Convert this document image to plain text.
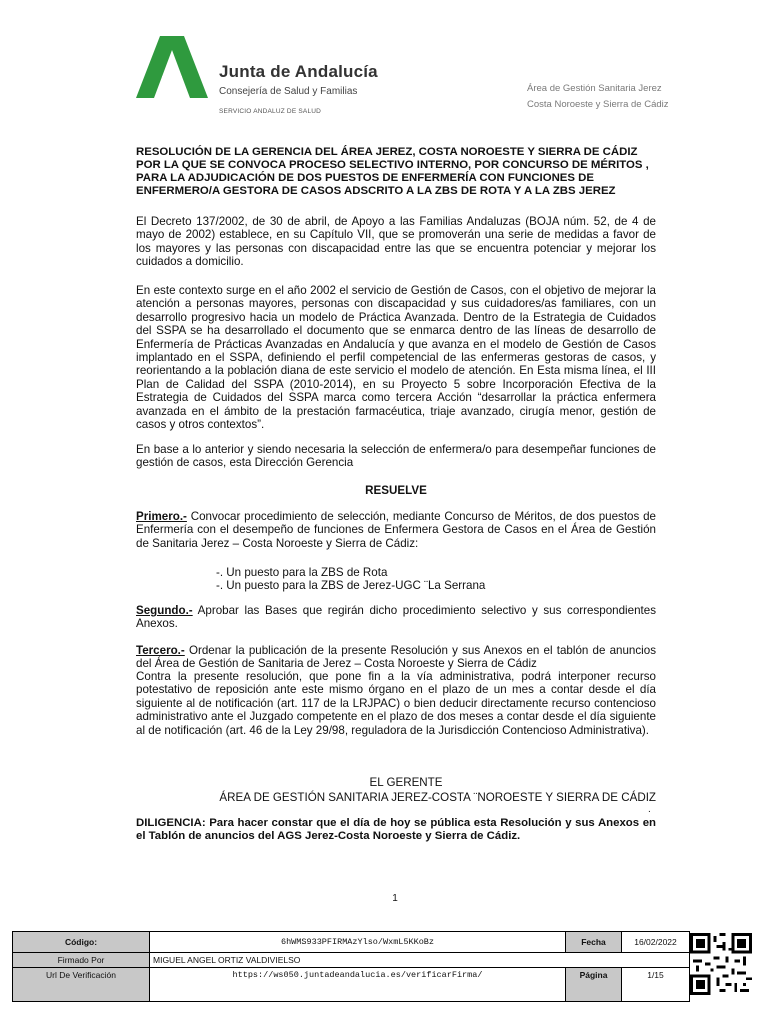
Junta de Andalucía
Consejería de Salud y Familias
SERVICIO ANDALUZ DE SALUD
Área de Gestión Sanitaria Jerez
Costa Noroeste y Sierra de Cádiz
RESOLUCIÓN DE LA GERENCIA DEL ÁREA JEREZ, COSTA NOROESTE Y SIERRA DE CÁDIZ POR LA QUE SE CONVOCA PROCESO SELECTIVO INTERNO, POR CONCURSO DE MÉRITOS , PARA LA ADJUDICACIÓN DE DOS PUESTOS DE ENFERMERÍA CON FUNCIONES DE ENFERMERO/A GESTORA DE CASOS ADSCRITO A LA ZBS DE ROTA Y A LA ZBS JEREZ
El Decreto 137/2002, de 30 de abril, de Apoyo a las Familias Andaluzas (BOJA núm. 52, de 4 de mayo de 2002) establece, en su Capítulo VII, que se promoverán una serie de medidas a favor de los mayores y las personas con discapacidad entre las que se encuentra potenciar y mejorar los cuidados a domicilio.
En este contexto surge en el año 2002 el servicio de Gestión de Casos, con el objetivo de mejorar la atención a personas mayores, personas con discapacidad y sus cuidadores/as familiares, con un desarrollo progresivo hacia un modelo de Práctica Avanzada. Dentro de la Estrategia de Cuidados del SSPA se ha desarrollado el documento que se enmarca dentro de las líneas de desarrollo de Enfermería de Prácticas Avanzadas en Andalucía y que avanza en el modelo de Gestión de Casos implantado en el SSPA, definiendo el perfil competencial de las enfermeras gestoras de casos, y reorientando a la población diana de este servicio el modelo de atención. En Esta misma línea, el III Plan de Calidad del SSPA (2010-2014), en su Proyecto 5 sobre Incorporación Efectiva de la Estrategia de Cuidados del SSPA marca como tercera Acción “desarrollar la práctica enfermera avanzada en el ámbito de la prestación farmacéutica, triaje avanzado, cirugía menor, gestión de casos y otros contextos”.
En base a lo anterior y siendo necesaria la selección de enfermera/o para desempeñar funciones de gestión de casos, esta Dirección Gerencia
RESUELVE
Primero.- Convocar procedimiento de selección, mediante Concurso de Méritos, de dos puestos de Enfermería con el desempeño de funciones de Enfermera Gestora de Casos en el Área de Gestión de Sanitaria Jerez – Costa Noroeste y Sierra de Cádiz:
-. Un puesto para la ZBS de Rota
-. Un puesto para la ZBS de Jerez-UGC ¨La Serrana
Segundo.- Aprobar las Bases que regirán dicho procedimiento selectivo y sus correspondientes Anexos.
Tercero.- Ordenar la publicación de la presente Resolución y sus Anexos en el tablón de anuncios del Área de Gestión de Sanitaria de Jerez – Costa Noroeste y Sierra de Cádiz
Contra la presente resolución, que pone fin a la vía administrativa, podrá interponer recurso potestativo de reposición ante este mismo órgano en el plazo de un mes a contar desde el día siguiente al de notificación (art. 117 de la LRJPAC) o bien deducir directamente recurso contencioso administrativo ante el Juzgado competente en el plazo de dos meses a contar desde el día siguiente al de notificación (art. 46 de la Ley 29/98, reguladora de la Jurisdicción Contencioso Administrativa).
EL GERENTE
ÁREA DE GESTIÓN SANITARIA JEREZ-COSTA ¨NOROESTE Y SIERRA DE CÁDIZ
.
DILIGENCIA: Para hacer constar que el día de hoy se pública esta Resolución y sus Anexos en el Tablón de anuncios del AGS Jerez-Costa Noroeste y Sierra de Cádiz.
1
Código:	6hWMS933PFIRMAzYlso/WxmL5KKoBz	Fecha	16/02/2022
Firmado Por	MIGUEL ANGEL ORTIZ VALDIVIELSO
Url De Verificación	https://ws050.juntadeandalucia.es/verificarFirma/	Página	1/15
